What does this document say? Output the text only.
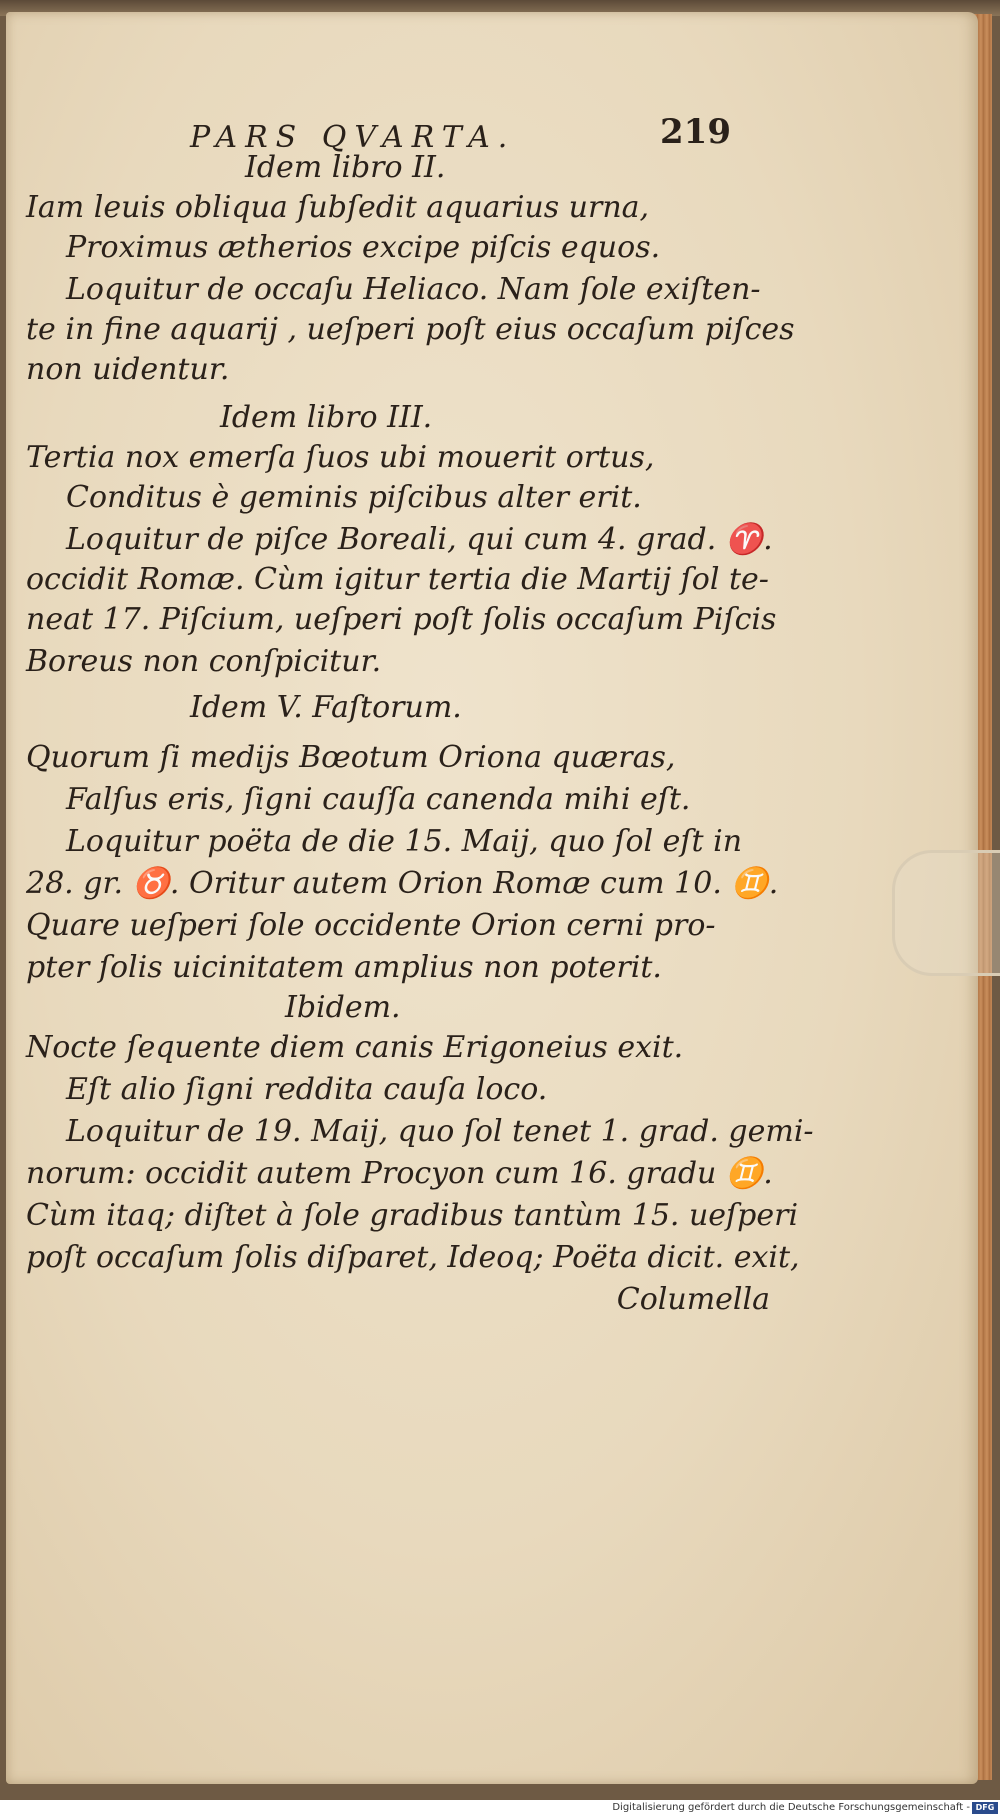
PARS QVARTA.	219
Idem libro II.
Iam leuis obliqua ſubſedit aquarius urna,
Proximus ætherios excipe piſcis equos.
Loquitur de occaſu Heliaco. Nam ſole exiſten-
te in fine aquarij , ueſperi poſt eius occaſum piſces
non uidentur.
Idem libro III.
Tertia nox emerſa ſuos ubi mouerit ortus,
Conditus è geminis piſcibus alter erit.
Loquitur de piſce Boreali, qui cum 4. grad. ♈.
occidit Romæ. Cùm igitur tertia die Martij ſol te-
neat 17. Piſcium, ueſperi poſt ſolis occaſum Piſcis
Boreus non conſpicitur.
Idem V. Faſtorum.
Quorum ſi medijs Bœotum Oriona quæras,
Falſus eris, ſigni cauſſa canenda mihi eſt.
Loquitur poëta de die 15. Maij, quo ſol eſt in
28. gr. ♉. Oritur autem Orion Romæ cum 10. ♊.
Quare ueſperi ſole occidente Orion cerni pro-
pter ſolis uicinitatem amplius non poterit.
Ibidem.
Nocte ſequente diem canis Erigoneius exit.
Eſt alio ſigni reddita cauſa loco.
Loquitur de 19. Maij, quo ſol tenet 1. grad. gemi-
norum: occidit autem Procyon cum 16. gradu ♊.
Cùm itaq; diſtet à ſole gradibus tantùm 15. ueſperi
poſt occaſum ſolis diſparet, Ideoq; Poëta dicit. exit,
Columella
Digitalisierung gefördert durch die Deutsche Forschungsgemeinschaft - DFG
